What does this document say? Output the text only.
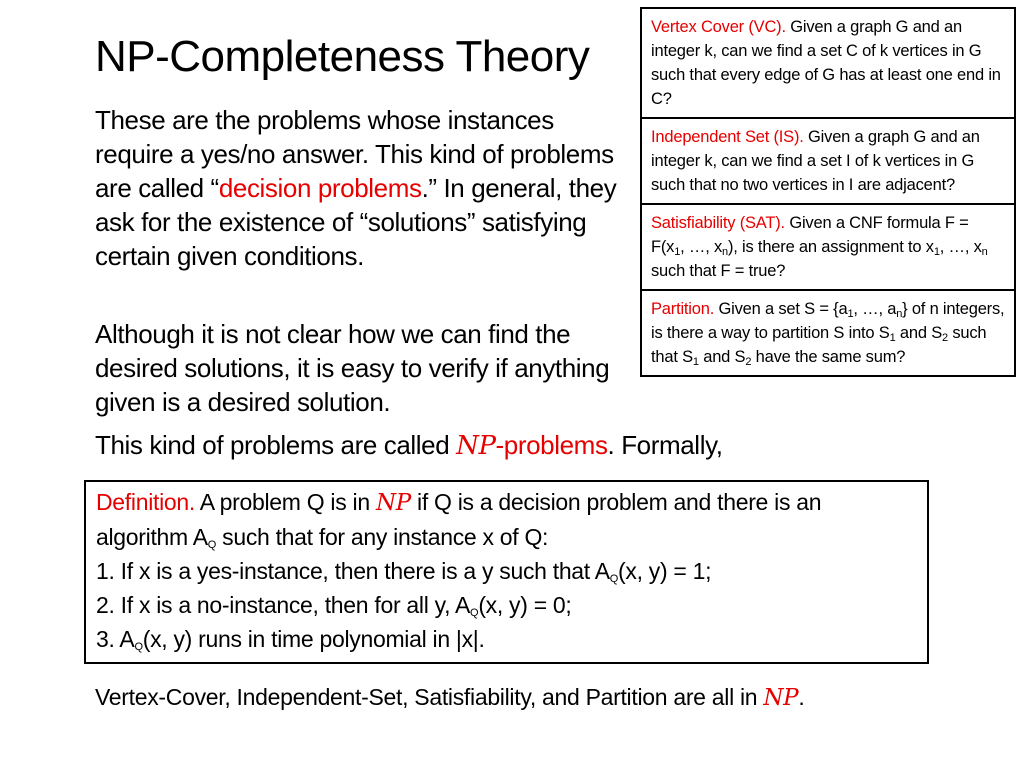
NP-Completeness Theory

These are the problems whose instances require a yes/no answer. This kind of problems are called “decision problems.” In general, they ask for the existence of “solutions” satisfying certain given conditions.

Although it is not clear how we can find the desired solutions, it is easy to verify if anything given is a desired solution.

This kind of problems are called NP-problems. Formally,

Vertex Cover (VC). Given a graph G and an integer k, can we find a set C of k vertices in G such that every edge of G has at least one end in C?
Independent Set (IS). Given a graph G and an integer k, can we find a set I of k vertices in G such that no two vertices in I are adjacent?
Satisfiability (SAT). Given a CNF formula $F = F(x_1$, …, $x_n$), is there an assignment to $x_1$, …, $x_n$ such that F = true?
Partition. Given a set $S = \{a_1$, …, $a_n$} of n integers, is there a way to partition S into $S_1$ and $S_2$ such that $S_1$ and $S_2$ have the same sum?
Definition. A problem Q is in NP if Q is a decision problem and there is an algorithm $A_Q$ such that for any instance x of Q:
1. If x is a yes-instance, then there is a y such that $A_Q(x$, y) = 1;
2. If x is a no-instance, then for all y, $A_Q(x$, y) = 0;
3. $A_Q(x$, y) runs in time polynomial in |x|.

Vertex-Cover, Independent-Set, Satisfiability, and Partition are all in NP.
